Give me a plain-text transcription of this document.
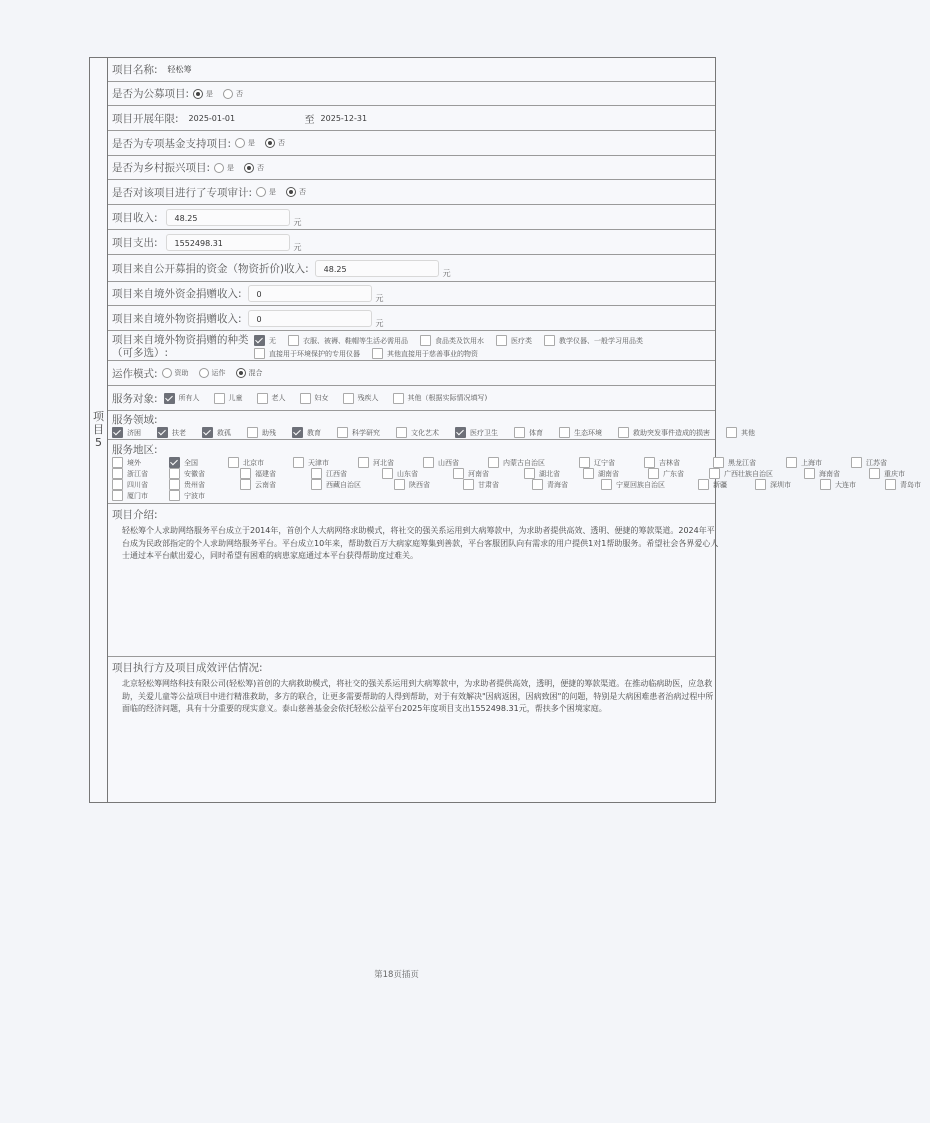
项
目
5
项目名称: 轻松筹
是否为公募项目: 是	否
项目开展年限: 2025-01-01	至 2025-12-31
是否为专项基金支持项目: 是	否
是否为乡村振兴项目: 是	否
是否对该项目进行了专项审计: 是	否
项目收入:	48.25	元
项目支出:	1552498.31	元
项目来自公开募捐的资金（物资折价)收入:	48.25	元
项目来自境外资金捐赠收入:	0	元
项目来自境外物资捐赠收入:	0	元
项目来自境外物资捐赠的种类
（可多选）:
无	衣服、被褥、鞋帽等生活必需用品	食品类及饮用水	医疗类	教学仪器、一般学习用品类
直接用于环境保护的专用仪器	其他直接用于慈善事业的物资
运作模式: 资助	运作	混合
服务对象:	所有人	儿童	老人	妇女	残疾人	其他（根据实际情况填写)
服务领域:
济困	扶老	救孤	助残	教育	科学研究	文化艺术	医疗卫生	体育	生态环境	救助突发事件造成的损害	其他
服务地区:
境外	全国	北京市	天津市	河北省	山西省	内蒙古自治区	辽宁省	吉林省	黑龙江省	上海市	江苏省
浙江省	安徽省	福建省	江西省	山东省	河南省	湖北省	湖南省	广东省	广西壮族自治区	海南省	重庆市
四川省	贵州省	云南省	西藏自治区	陕西省	甘肃省	青海省	宁夏回族自治区	新疆	深圳市	大连市	青岛市
厦门市	宁波市
项目介绍:
轻松筹个人求助网络服务平台成立于2014年，首创个人大病网络求助模式，将社交的强关系运用到大病筹款中，为求助者提供高效、透明、便捷的筹款渠道。2024年平台成为民政部指定的个人求助网络服务平台。平台成立10年来，帮助数百万大病家庭筹集到善款，平台客服团队向有需求的用户提供1对1帮助服务。希望社会各界爱心人士通过本平台献出爱心，同时希望有困难的病患家庭通过本平台获得帮助度过难关。
项目执行方及项目成效评估情况:
北京轻松筹网络科技有限公司(轻松筹)首创的大病救助模式，将社交的强关系运用到大病筹款中，为求助者提供高效，透明，便捷的筹款渠道。在推动临病助医，应急救助，关爱儿童等公益项目中进行精准救助，多方的联合，让更多需要帮助的人得到帮助，对于有效解决"因病返困，因病致困"的问题，特别是大病困难患者治病过程中所面临的经济问题，具有十分重要的现实意义。泰山慈善基金会依托轻松公益平台2025年度项目支出1552498.31元，帮扶多个困境家庭。
第18页插页
